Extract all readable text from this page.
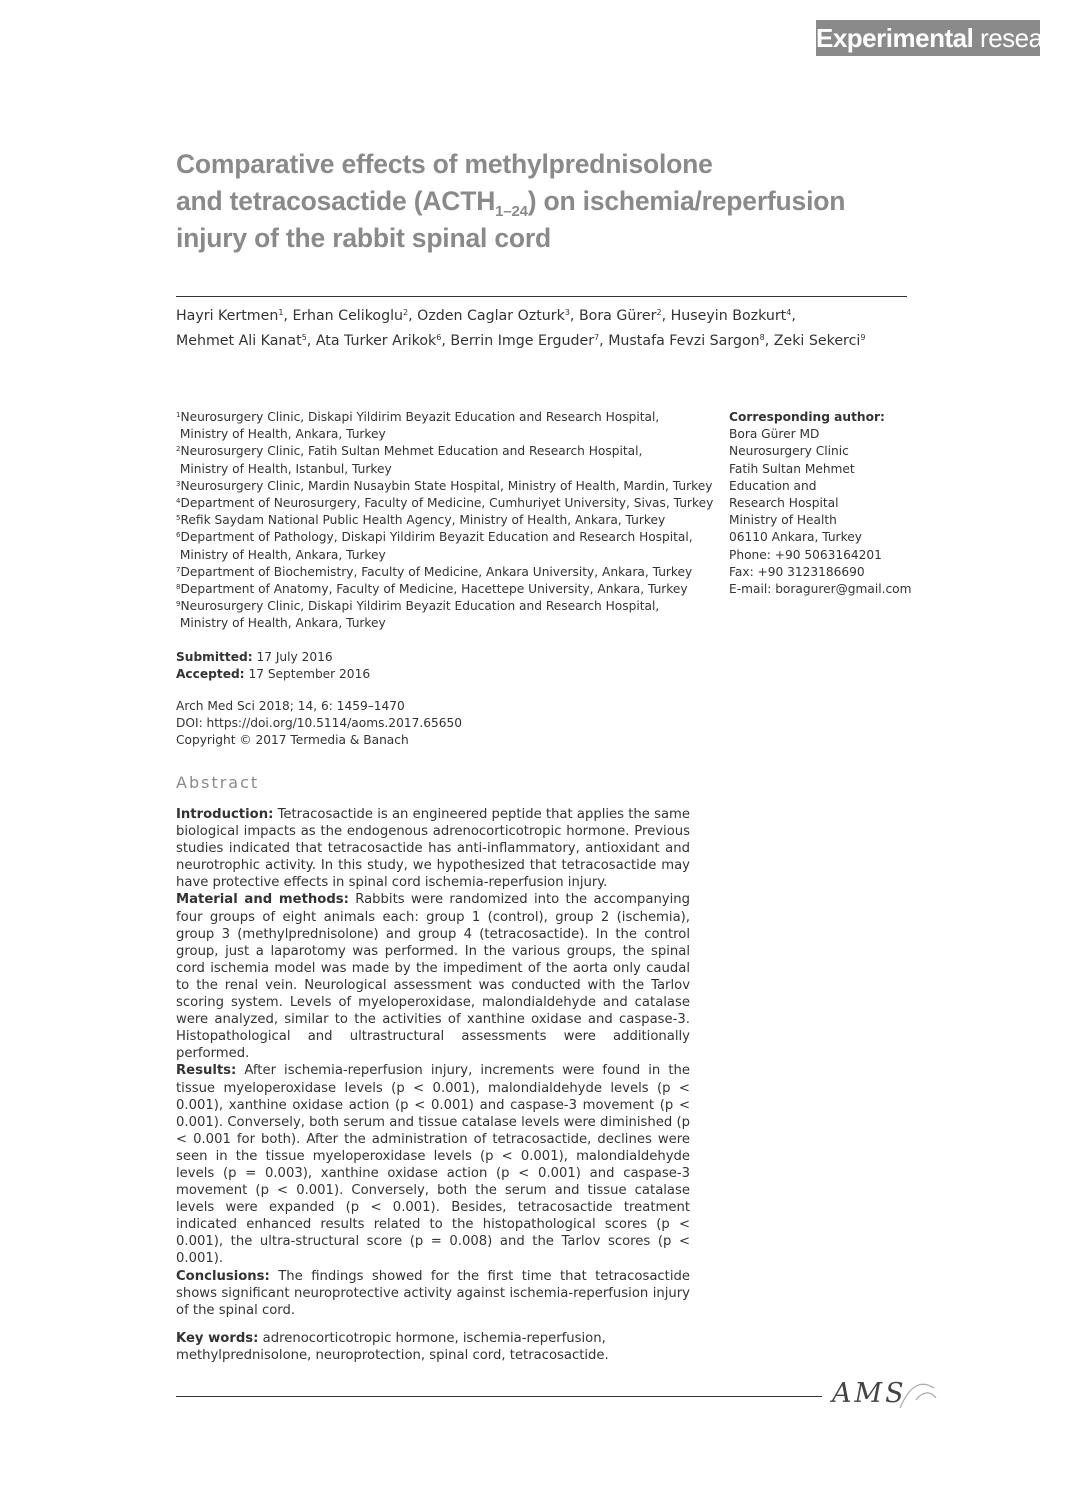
Experimental research
Comparative effects of methylprednisolone
and tetracosactide $(ACTH_{1-24})$ on ischemia/reperfusion
injury of the rabbit spinal cord
Hayri Kertmen$^1$, Erhan Celikoglu$^2$, Ozden Caglar Ozturk$^3$, Bora Gürer$^2$, Huseyin Bozkurt$^4$,
Mehmet Ali Kanat$^5$, Ata Turker Arikok$^6$, Berrin Imge Erguder$^7$, Mustafa Fevzi Sargon$^8$, Zeki Sekerci$^9$
$^1$Neurosurgery Clinic, Diskapi Yildirim Beyazit Education and Research Hospital,
Ministry of Health, Ankara, Turkey
$^2$Neurosurgery Clinic, Fatih Sultan Mehmet Education and Research Hospital,
Ministry of Health, Istanbul, Turkey
$^3$Neurosurgery Clinic, Mardin Nusaybin State Hospital, Ministry of Health, Mardin, Turkey
$^4$Department of Neurosurgery, Faculty of Medicine, Cumhuriyet University, Sivas, Turkey
$^5$Refik Saydam National Public Health Agency, Ministry of Health, Ankara, Turkey
$^6$Department of Pathology, Diskapi Yildirim Beyazit Education and Research Hospital,
Ministry of Health, Ankara, Turkey
$^7$Department of Biochemistry, Faculty of Medicine, Ankara University, Ankara, Turkey
$^8$Department of Anatomy, Faculty of Medicine, Hacettepe University, Ankara, Turkey
$^9$Neurosurgery Clinic, Diskapi Yildirim Beyazit Education and Research Hospital,
Ministry of Health, Ankara, Turkey
Corresponding author:
Bora Gürer MD
Neurosurgery Clinic
Fatih Sultan Mehmet
Education and
Research Hospital
Ministry of Health
06110 Ankara, Turkey
Phone: +90 5063164201
Fax: +90 3123186690
E-mail: boragurer@gmail.com
Submitted: 17 July 2016
Accepted: 17 September 2016
Arch Med Sci 2018; 14, 6: 1459–1470
DOI: https://doi.org/10.5114/aoms.2017.65650
Copyright © 2017 Termedia & Banach
Abstract

Introduction: Tetracosactide is an engineered peptide that applies the same biological impacts as the endogenous adrenocorticotropic hormone. Previous studies indicated that tetracosactide has anti-inflammatory, antioxidant and neurotrophic activity. In this study, we hypothesized that tetracosactide may have protective effects in spinal cord ischemia-reperfusion injury.

Material and methods: Rabbits were randomized into the accompanying four groups of eight animals each: group 1 (control), group 2 (ischemia), group 3 (methylprednisolone) and group 4 (tetracosactide). In the control group, just a laparotomy was performed. In the various groups, the spinal cord ischemia model was made by the impediment of the aorta only caudal to the renal vein. Neurological assessment was conducted with the Tarlov scoring system. Levels of myeloperoxidase, malondialdehyde and catalase were analyzed, similar to the activities of xanthine oxidase and caspase-3. Histopathological and ultrastructural assessments were additionally performed.

Results: After ischemia-reperfusion injury, increments were found in the tissue myeloperoxidase levels (p < 0.001), malondialdehyde levels (p < 0.001), xanthine oxidase action (p < 0.001) and caspase-3 movement (p < 0.001). Conversely, both serum and tissue catalase levels were diminished (p < 0.001 for both). After the administration of tetracosactide, declines were seen in the tissue myeloperoxidase levels (p < 0.001), malondialdehyde levels (p = 0.003), xanthine oxidase action (p < 0.001) and caspase-3 movement (p < 0.001). Conversely, both the serum and tissue catalase levels were expanded (p < 0.001). Besides, tetracosactide treatment indicated enhanced results related to the histopathological scores (p < 0.001), the ultra-structural score (p = 0.008) and the Tarlov scores (p < 0.001).

Conclusions: The findings showed for the first time that tetracosactide shows significant neuroprotective activity against ischemia-reperfusion injury of the spinal cord.

Key words: adrenocorticotropic hormone, ischemia-reperfusion, methylprednisolone, neuroprotection, spinal cord, tetracosactide.
AMS
